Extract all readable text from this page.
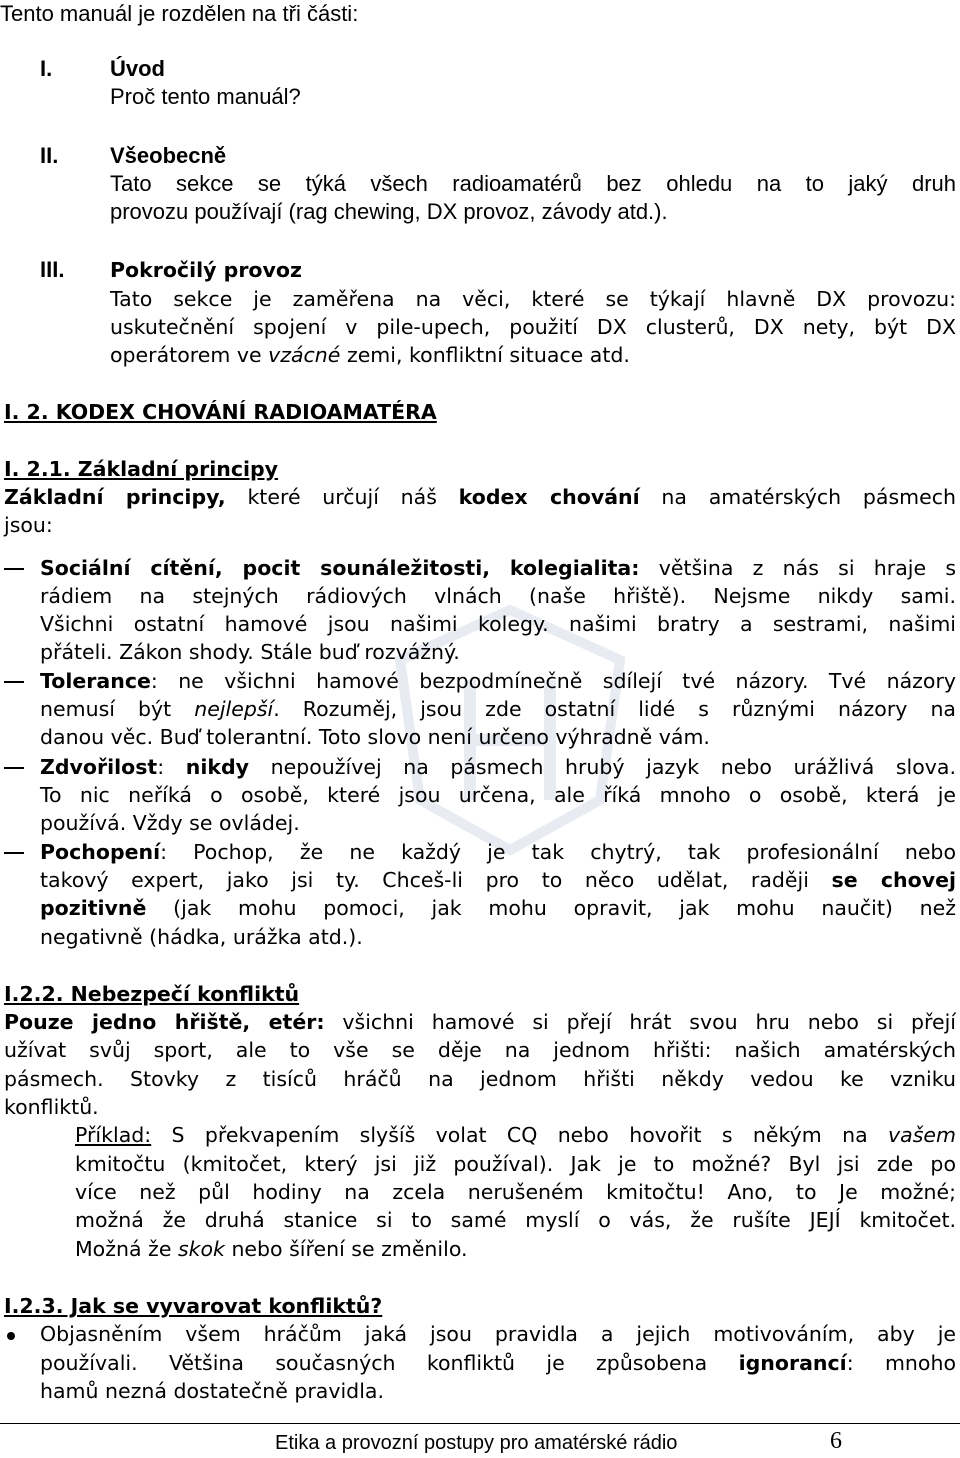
Tento manuál je rozdělen na tři části:
I.	Úvod
Proč tento manuál?
II. Všeobecně
Tato sekce se týká všech radioamatérů bez ohledu na to jaký druh
provozu používají (rag chewing, DX provoz, závody atd.).
III. Pokročilý provoz
Tato sekce je zaměřena na věci, které se týkají hlavně DX provozu:
uskutečnění spojení v pile-upech, použití DX clusterů, DX nety, být DX
operátorem ve vzácné zemi, konfliktní situace atd.
I. 2. KODEX CHOVÁNÍ RADIOAMATÉRA
I. 2.1. Základní principy
Základní principy, které určují náš kodex chování na amatérských pásmech
jsou:
Sociální cítění, pocit sounáležitosti, kolegialita: většina z nás si hraje s
rádiem na stejných rádiových vlnách (naše hřiště). Nejsme nikdy sami.
Všichni ostatní hamové jsou našimi kolegy. našimi bratry a sestrami, našimi
přáteli. Zákon shody. Stále buď rozvážný.
Tolerance: ne všichni hamové bezpodmínečně sdílejí tvé názory. Tvé názory
nemusí být nejlepší. Rozuměj, jsou zde ostatní lidé s různými názory na
danou věc. Buď tolerantní. Toto slovo není určeno výhradně vám.
Zdvořilost: nikdy nepoužívej na pásmech hrubý jazyk nebo urážlivá slova.
To nic neříká o osobě, které jsou určena, ale říká mnoho o osobě, která je
používá. Vždy se ovládej.
Pochopení: Pochop, že ne každý je tak chytrý, tak profesionální nebo
takový expert, jako jsi ty. Chceš-li pro to něco udělat, raději se chovej
pozitivně (jak mohu pomoci, jak mohu opravit, jak mohu naučit) než
negativně (hádka, urážka atd.).
I.2.2. Nebezpečí konfliktů
Pouze jedno hřiště, etér: všichni hamové si přejí hrát svou hru nebo si přejí
užívat svůj sport, ale to vše se děje na jednom hřišti: našich amatérských
pásmech. Stovky z tisíců hráčů na jednom hřišti někdy vedou ke vzniku
konfliktů.
Příklad: S překvapením slyšíš volat CQ nebo hovořit s někým na vašem
kmitočtu (kmitočet, který jsi již používal). Jak je to možné? Byl jsi zde po
více než půl hodiny na zcela nerušeném kmitočtu! Ano, to Je možné;
možná že druhá stanice si to samé myslí o vás, že rušíte JEJÍ kmitočet.
Možná že skok nebo šíření se změnilo.
I.2.3. Jak se vyvarovat konfliktů?
Objasněním všem hráčům jaká jsou pravidla a jejich motivováním, aby je
používali. Většina současných konfliktů je způsobena ignorancí: mnoho
hamů nezná dostatečně pravidla.
Etika a provozní postupy pro amatérské rádio	6
